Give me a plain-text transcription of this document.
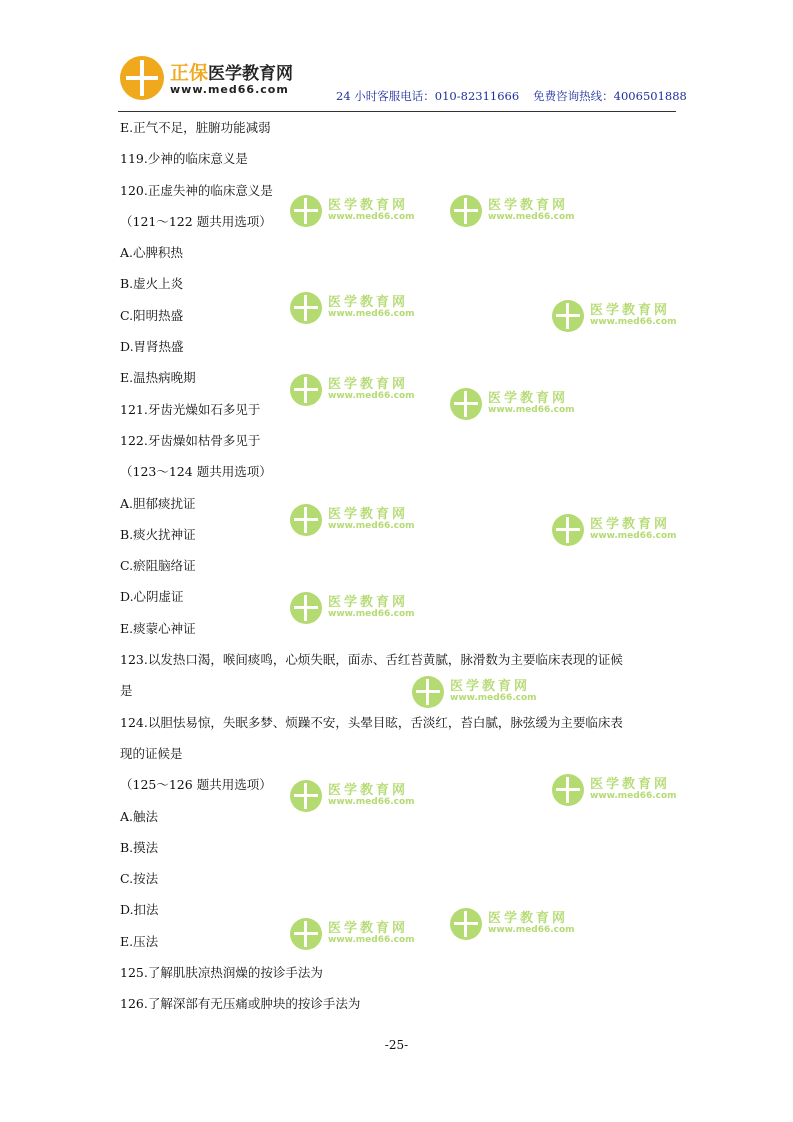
正保医学教育网
www.med66.com	24 小时客服电话：010-82311666 免费咨询热线：4006501888
医学教育网
www.med66.com
医学教育网
www.med66.com
医学教育网
www.med66.com	医学教育网
www.med66.com
医学教育网
www.med66.com	医学教育网
www.med66.com
医学教育网
www.med66.com	医学教育网
www.med66.com
医学教育网
www.med66.com
医学教育网
www.med66.com
医学教育网
www.med66.com
医学教育网
www.med66.com
医学教育网
www.med66.com
医学教育网
www.med66.com
E.正气不足，脏腑功能减弱
119.少神的临床意义是
120.正虚失神的临床意义是
（121～122 题共用选项）
A.心脾积热
B.虚火上炎
C.阳明热盛
D.胃肾热盛
E.温热病晚期
121.牙齿光燥如石多见于
122.牙齿燥如枯骨多见于
（123～124 题共用选项）
A.胆郁痰扰证
B.痰火扰神证
C.瘀阻脑络证
D.心阴虚证
E.痰蒙心神证
123.以发热口渴，喉间痰鸣，心烦失眠，面赤、舌红苔黄腻，脉滑数为主要临床表现的证候
是
124.以胆怯易惊，失眠多梦、烦躁不安，头晕目眩，舌淡红，苔白腻，脉弦缓为主要临床表
现的证候是
（125～126 题共用选项）
A.触法
B.摸法
C.按法
D.扣法
E.压法
125.了解肌肤凉热润燥的按诊手法为
126.了解深部有无压痛或肿块的按诊手法为
-25-
